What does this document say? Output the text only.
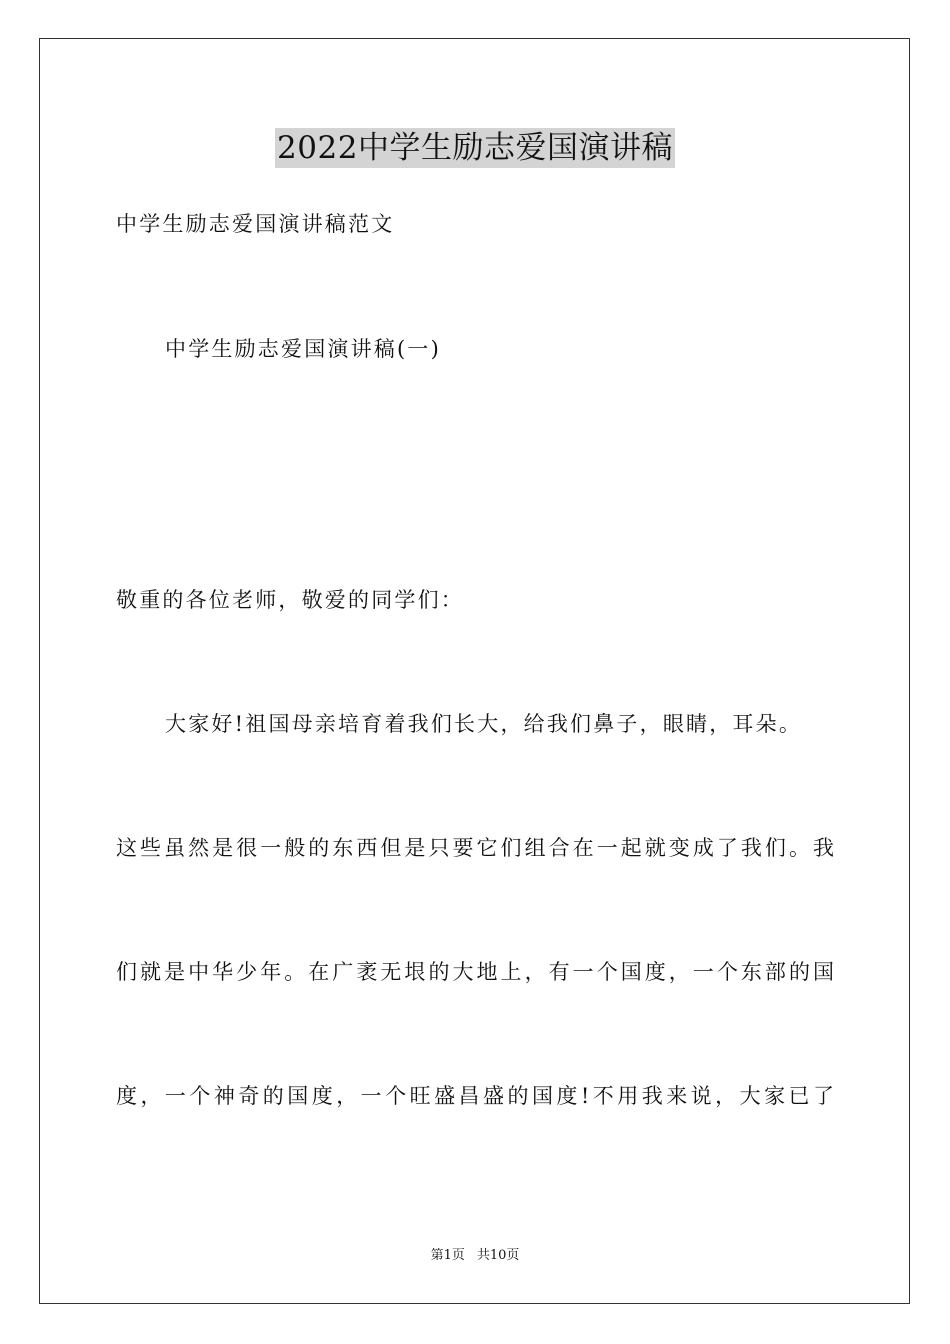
2022中学生励志爱国演讲稿

中学生励志爱国演讲稿范文

中学生励志爱国演讲稿(一)

敬重的各位老师，敬爱的同学们：

大家好!祖国母亲培育着我们长大，给我们鼻子，眼睛，耳朵。

这些虽然是很一般的东西但是只要它们组合在一起就变成了我们。我

们就是中华少年。在广袤无垠的大地上，有一个国度，一个东部的国

度，一个神奇的国度，一个旺盛昌盛的国度!不用我来说，大家已了

第1页 共10页
